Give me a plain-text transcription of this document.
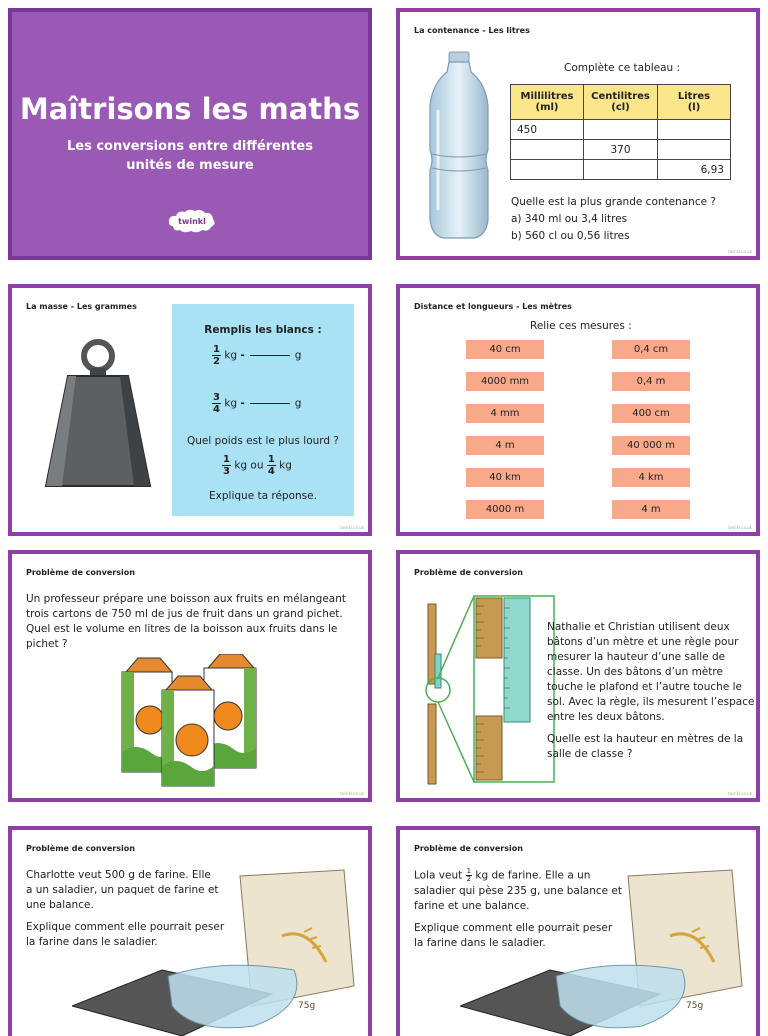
Maîtrisons les maths
Les conversions entre différentes
unités de mesure
twinkl
La contenance - Les litres
Complète ce tableau :
Millilitres
(ml)	Centilitres
(cl)	Litres
(l)
450		
	370	
		6,93
Quelle est la plus grande contenance ?
a) 340 ml ou 3,4 litres
b) 560 cl ou 0,56 litres
twinkl.co.uk
La masse - Les grammes
Remplis les blancs :
$\frac{1}{2}$ kg -	g
$\frac{3}{4}$ kg -	g
Quel poids est le plus lourd ?
$\frac{1}{3}$ kg ou $\frac{1}{4}$ kg
Explique ta réponse.
twinkl.co.uk
Distance et longueurs - Les mètres
Relie ces mesures :
40 cm
4000 mm
4 mm
4 m
40 km
4000 m
0,4 cm
0,4 m
400 cm
40 000 m
4 km
4 m
twinkl.co.uk
Problème de conversion
Un professeur prépare une boisson aux fruits en mélangeant
trois cartons de 750 ml de jus de fruit dans un grand pichet.
Quel est le volume en litres de la boisson aux fruits dans le
pichet ?
twinkl.co.uk
Problème de conversion
Nathalie et Christian utilisent deux
bâtons d’un mètre et une règle pour
mesurer la hauteur d’une salle de
classe. Un des bâtons d’un mètre
touche le plafond et l’autre touche le
sol. Avec la règle, ils mesurent l’espace
entre les deux bâtons.
Quelle est la hauteur en mètres de la
salle de classe ?
twinkl.co.uk
Problème de conversion
Charlotte veut 500 g de farine. Elle
a un saladier, un paquet de farine et
une balance.
Explique comment elle pourrait peser
la farine dans le saladier.
75g
Problème de conversion
Lola veut $\frac{1}{2}$ kg de farine. Elle a un
saladier qui pèse 235 g, une balance et
farine et une balance.
Explique comment elle pourrait peser
la farine dans le saladier.
75g
